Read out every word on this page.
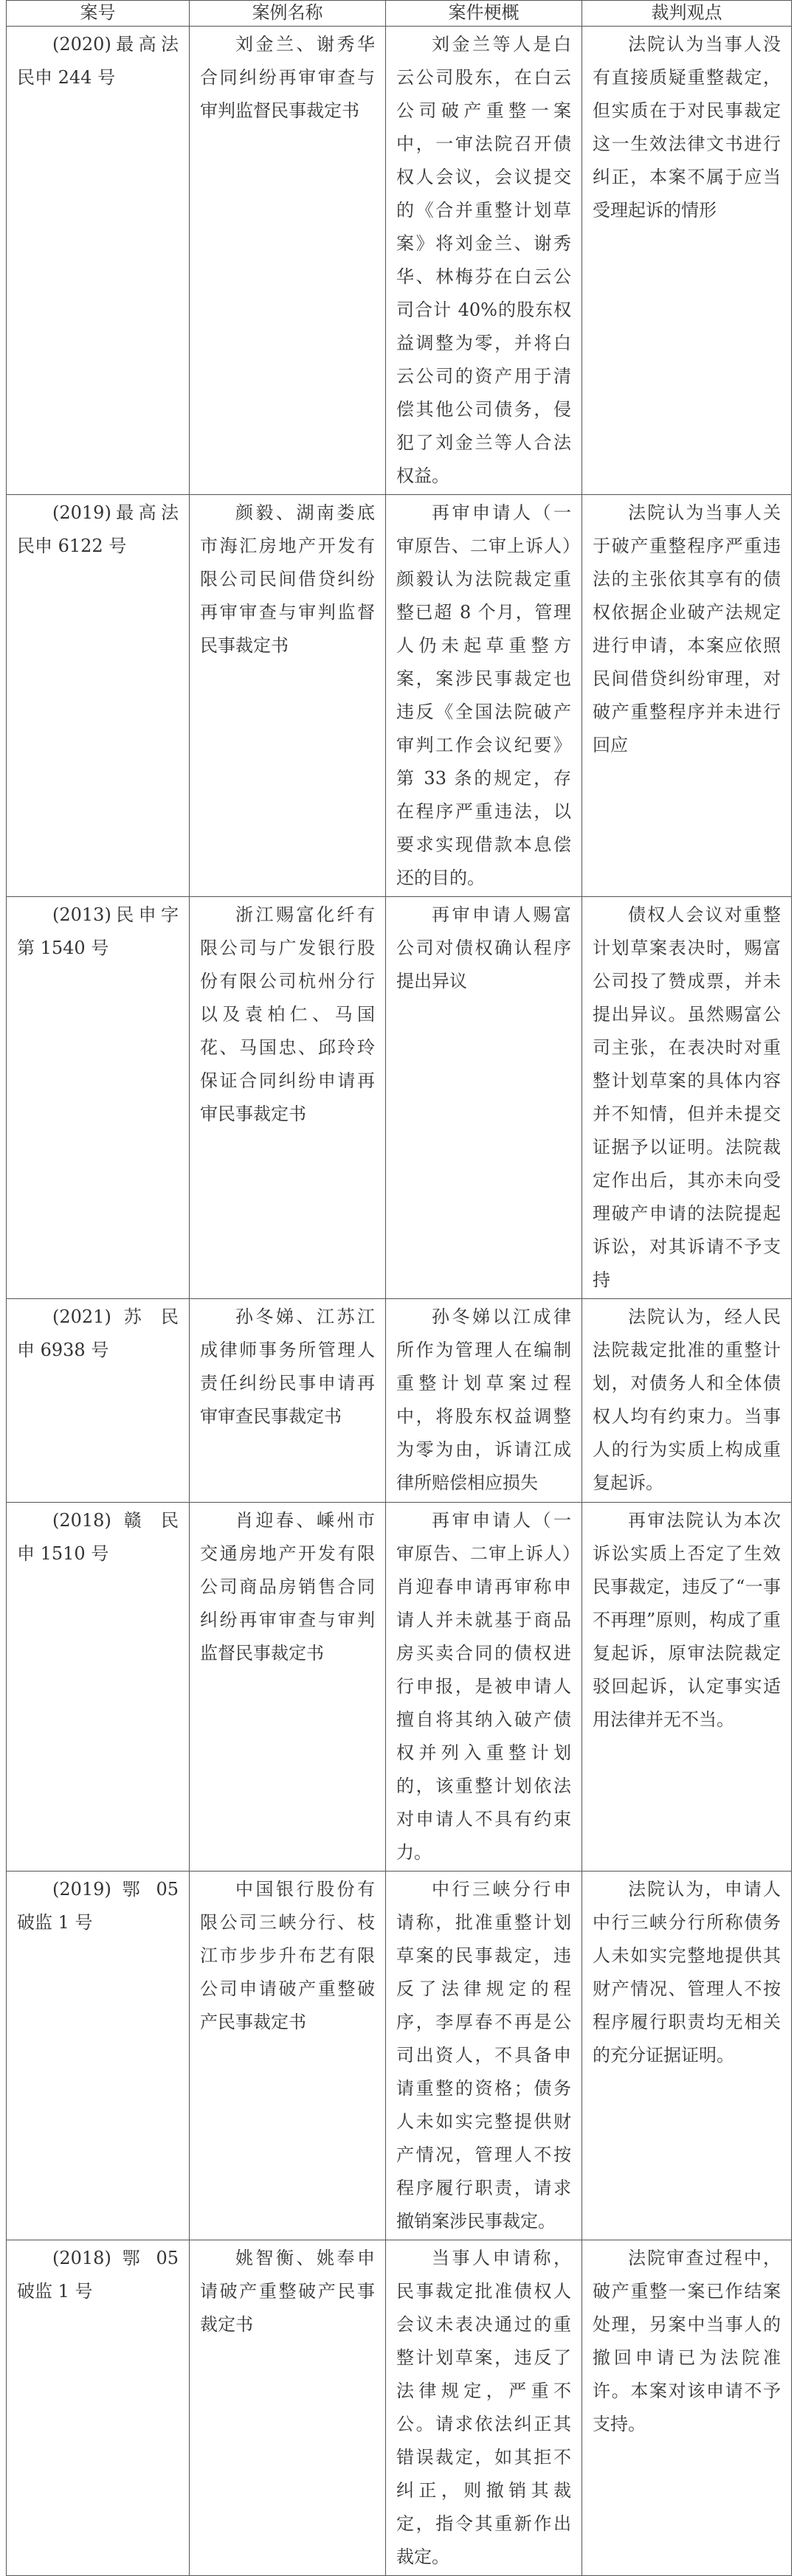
案号	案例名称	案件梗概	裁判观点
(2020)最高法民申 244 号	刘金兰、谢秀华合同纠纷再审审查与审判监督民事裁定书	刘金兰等人是白云公司股东，在白云公司破产重整一案中，一审法院召开债权人会议，会议提交的《合并重整计划草案》将刘金兰、谢秀华、林梅芬在白云公司合计 40%的股东权益调整为零，并将白云公司的资产用于清偿其他公司债务，侵犯了刘金兰等人合法权益。	法院认为当事人没有直接质疑重整裁定，但实质在于对民事裁定这一生效法律文书进行纠正，本案不属于应当受理起诉的情形
(2019)最高法民申 6122 号	颜毅、湖南娄底市海汇房地产开发有限公司民间借贷纠纷再审审查与审判监督民事裁定书	再审申请人（一审原告、二审上诉人）颜毅认为法院裁定重整已超 8 个月，管理人仍未起草重整方案，案涉民事裁定也违反《全国法院破产审判工作会议纪要》第 33 条的规定，存在程序严重违法，以要求实现借款本息偿还的目的。	法院认为当事人关于破产重整程序严重违法的主张依其享有的债权依据企业破产法规定进行申请，本案应依照民间借贷纠纷审理，对破产重整程序并未进行回应
(2013)民申字第 1540 号	浙江赐富化纤有限公司与广发银行股份有限公司杭州分行以及袁柏仁、马国花、马国忠、邱玲玲保证合同纠纷申请再审民事裁定书	再审申请人赐富公司对债权确认程序提出异议	债权人会议对重整计划草案表决时，赐富公司投了赞成票，并未提出异议。虽然赐富公司主张，在表决时对重整计划草案的具体内容并不知情，但并未提交证据予以证明。法院裁定作出后，其亦未向受理破产申请的法院提起诉讼，对其诉请不予支持
(2021) 苏 民 申 6938 号	孙冬娣、江苏江成律师事务所管理人责任纠纷民事申请再审审查民事裁定书	孙冬娣以江成律所作为管理人在编制重整计划草案过程中，将股东权益调整为零为由，诉请江成律所赔偿相应损失	法院认为，经人民法院裁定批准的重整计划，对债务人和全体债权人均有约束力。当事人的行为实质上构成重复起诉。
(2018) 赣 民 申 1510 号	肖迎春、嵊州市交通房地产开发有限公司商品房销售合同纠纷再审审查与审判监督民事裁定书	再审申请人（一审原告、二审上诉人）肖迎春申请再审称申请人并未就基于商品房买卖合同的债权进行申报，是被申请人擅自将其纳入破产债权并列入重整计划的，该重整计划依法对申请人不具有约束力。	再审法院认为本次诉讼实质上否定了生效民事裁定，违反了“一事不再理”原则，构成了重复起诉，原审法院裁定驳回起诉，认定事实适用法律并无不当。
(2019) 鄂 05 破监 1 号	中国银行股份有限公司三峡分行、枝江市步步升布艺有限公司申请破产重整破产民事裁定书	中行三峡分行申请称，批准重整计划草案的民事裁定，违反了法律规定的程序，李厚春不再是公司出资人，不具备申请重整的资格；债务人未如实完整提供财产情况，管理人不按程序履行职责，请求撤销案涉民事裁定。	法院认为，申请人中行三峡分行所称债务人未如实完整地提供其财产情况、管理人不按程序履行职责均无相关的充分证据证明。
(2018) 鄂 05 破监 1 号	姚智衡、姚奉申请破产重整破产民事裁定书	当事人申请称，民事裁定批准债权人会议未表决通过的重整计划草案，违反了法律规定，严重不公。请求依法纠正其错误裁定，如其拒不纠正，则撤销其裁定，指令其重新作出裁定。	法院审查过程中，破产重整一案已作结案处理，另案中当事人的撤回申请已为法院准许。本案对该申请不予支持。
